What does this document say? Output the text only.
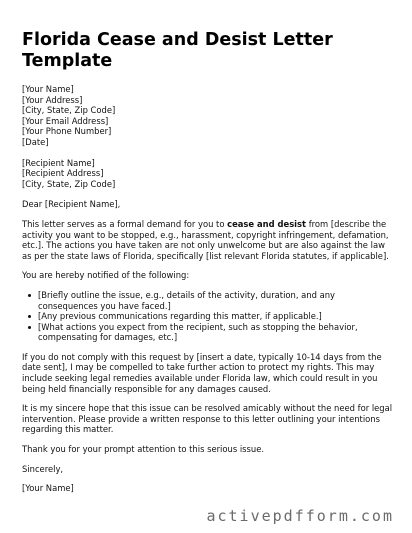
Florida Cease and Desist Letter Template
[Your Name]
[Your Address]
[City, State, Zip Code]
[Your Email Address]
[Your Phone Number]
[Date]
[Recipient Name]
[Recipient Address]
[City, State, Zip Code]

Dear [Recipient Name],

This letter serves as a formal demand for you to cease and desist from [describe the activity you want to be stopped, e.g., harassment, copyright infringement, defamation, etc.]. The actions you have taken are not only unwelcome but are also against the law as per the state laws of Florida, specifically [list relevant Florida statutes, if applicable].

You are hereby notified of the following:

[Briefly outline the issue, e.g., details of the activity, duration, and any consequences you have faced.]
[Any previous communications regarding this matter, if applicable.]
[What actions you expect from the recipient, such as stopping the behavior, compensating for damages, etc.]

If you do not comply with this request by [insert a date, typically 10-14 days from the date sent], I may be compelled to take further action to protect my rights. This may include seeking legal remedies available under Florida law, which could result in you being held financially responsible for any damages caused.

It is my sincere hope that this issue can be resolved amicably without the need for legal intervention. Please provide a written response to this letter outlining your intentions regarding this matter.

Thank you for your prompt attention to this serious issue.

Sincerely,

[Your Name]

activepdfform.com
